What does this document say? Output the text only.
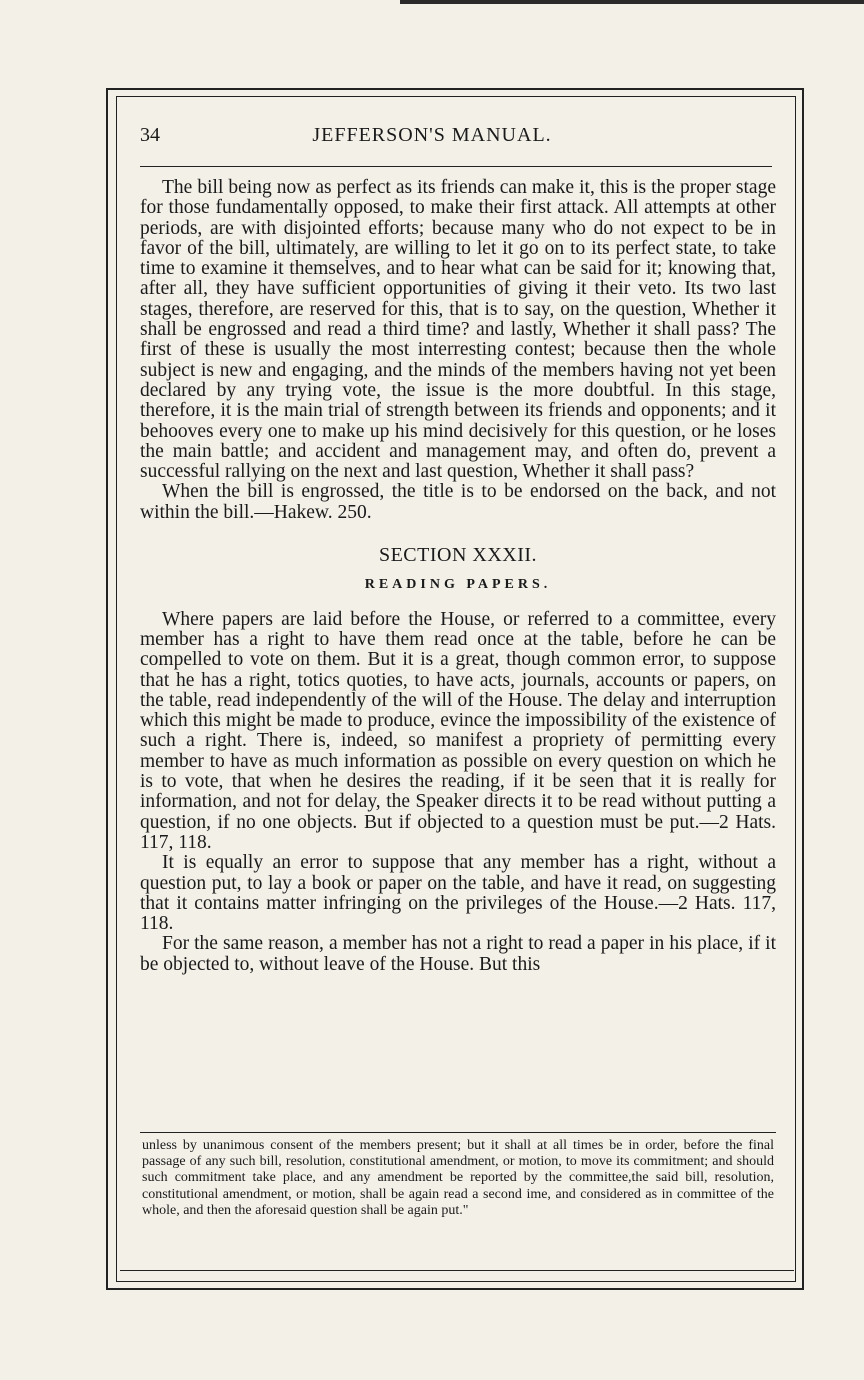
34	JEFFERSON'S MANUAL.

The bill being now as perfect as its friends can make it, this is the proper stage for those fundamentally opposed, to make their first attack. All attempts at other periods, are with disjointed efforts; because many who do not expect to be in favor of the bill, ultimately, are willing to let it go on to its perfect state, to take time to examine it themselves, and to hear what can be said for it; knowing that, after all, they have sufficient opportunities of giving it their veto. Its two last stages, therefore, are reserved for this, that is to say, on the question, Whether it shall be engrossed and read a third time? and lastly, Whether it shall pass? The first of these is usually the most interresting contest; because then the whole subject is new and engaging, and the minds of the members having not yet been declared by any trying vote, the issue is the more doubtful. In this stage, therefore, it is the main trial of strength between its friends and opponents; and it behooves every one to make up his mind decisively for this question, or he loses the main battle; and accident and management may, and often do, prevent a successful rallying on the next and last question, Whether it shall pass?

When the bill is engrossed, the title is to be endorsed on the back, and not within the bill.—Hakew. 250.

SECTION XXXII.
READING PAPERS.

Where papers are laid before the House, or referred to a committee, every member has a right to have them read once at the table, before he can be compelled to vote on them. But it is a great, though common error, to suppose that he has a right, totics quoties, to have acts, journals, accounts or papers, on the table, read independently of the will of the House. The delay and interruption which this might be made to produce, evince the impossibility of the existence of such a right. There is, indeed, so manifest a propriety of permitting every member to have as much information as possible on every question on which he is to vote, that when he desires the reading, if it be seen that it is really for information, and not for delay, the Speaker directs it to be read without putting a question, if no one objects. But if objected to a question must be put.—2 Hats. 117, 118.

It is equally an error to suppose that any member has a right, without a question put, to lay a book or paper on the table, and have it read, on suggesting that it contains matter infringing on the privileges of the House.—2 Hats. 117, 118.

For the same reason, a member has not a right to read a paper in his place, if it be objected to, without leave of the House. But this

unless by unanimous consent of the members present; but it shall at all times be in order, before the final passage of any such bill, resolution, constitutional amendment, or motion, to move its commitment; and should such commitment take place, and any amendment be reported by the committee,the said bill, resolution, constitutional amendment, or motion, shall be again read a second ime, and considered as in committee of the whole, and then the aforesaid question shall be again put."
